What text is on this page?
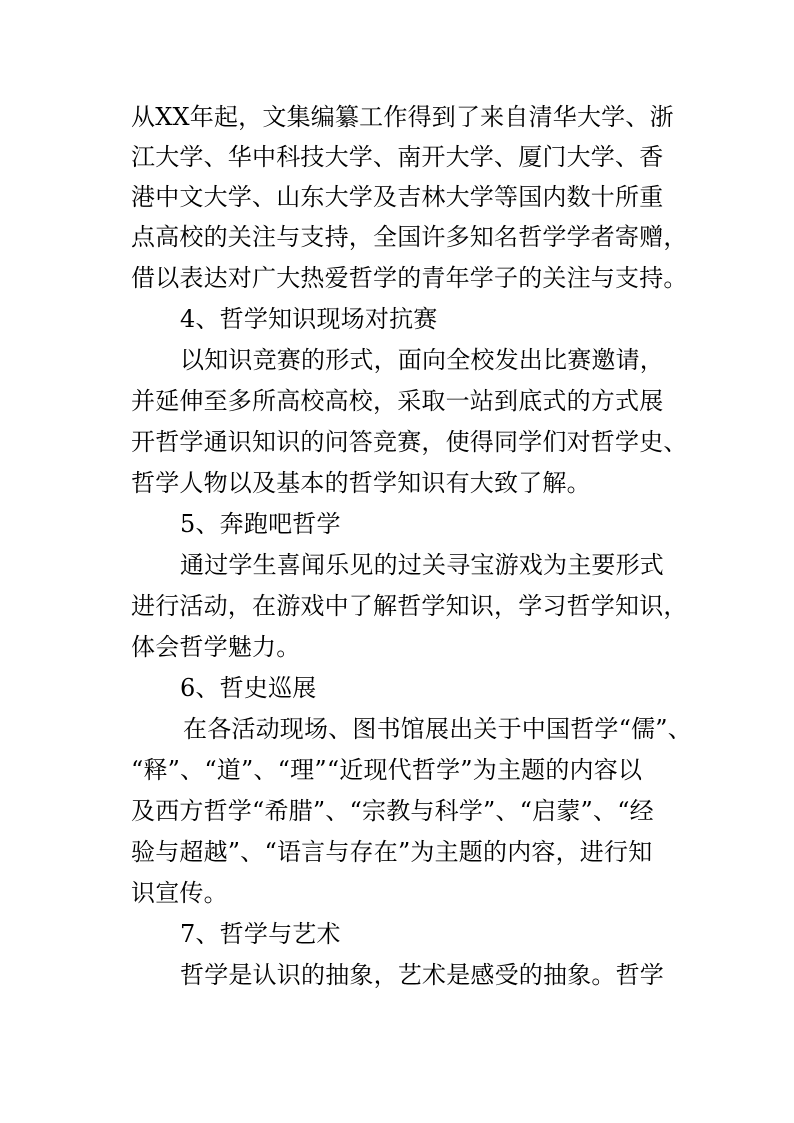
从XX年起，文集编纂工作得到了来自清华大学、浙
江大学、华中科技大学、南开大学、厦门大学、香
港中文大学、山东大学及吉林大学等国内数十所重
点高校的关注与支持，全国许多知名哲学学者寄赠，
借以表达对广大热爱哲学的青年学子的关注与支持。
4、哲学知识现场对抗赛
以知识竞赛的形式，面向全校发出比赛邀请，
并延伸至多所高校高校，采取一站到底式的方式展
开哲学通识知识的问答竞赛，使得同学们对哲学史、
哲学人物以及基本的哲学知识有大致了解。
5、奔跑吧哲学
通过学生喜闻乐见的过关寻宝游戏为主要形式
进行活动，在游戏中了解哲学知识，学习哲学知识，
体会哲学魅力。
6、哲史巡展
在各活动现场、图书馆展出关于中国哲学“儒”、
“释”、“道”、“理”“近现代哲学”为主题的内容以
及西方哲学“希腊”、“宗教与科学”、“启蒙”、“经
验与超越”、“语言与存在”为主题的内容，进行知
识宣传。
7、哲学与艺术
哲学是认识的抽象，艺术是感受的抽象。哲学
